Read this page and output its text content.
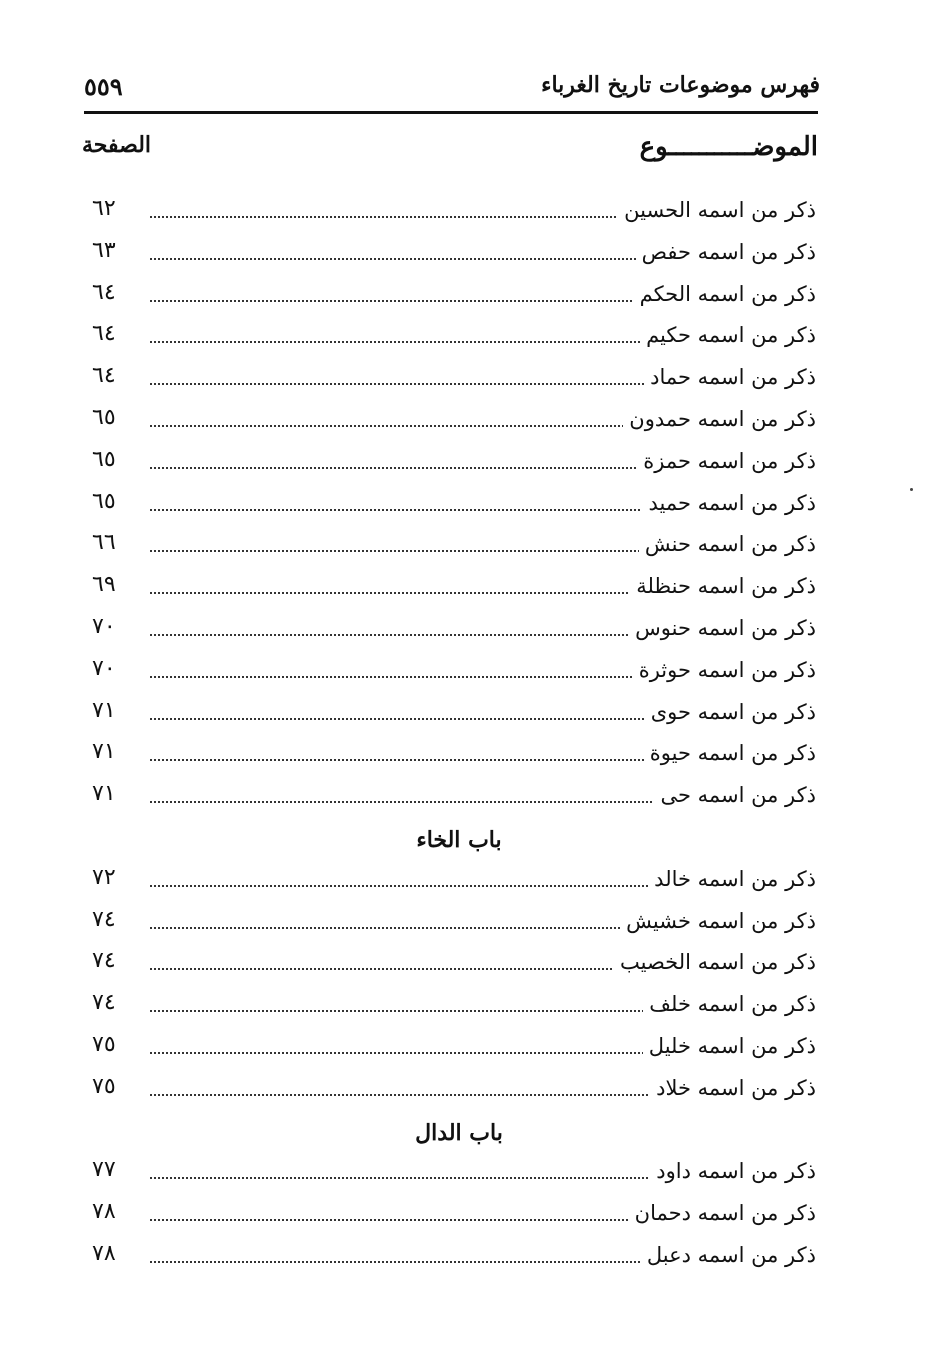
فهرس موضوعات تاريخ الغرباء
٥٥٩
الموضـــــــــــوع
الصفحة
ذكر من اسمه الحسين
٦٢
ذكر من اسمه حفص
٦٣
ذكر من اسمه الحكم
٦٤
ذكر من اسمه حكيم
٦٤
ذكر من اسمه حماد
٦٤
ذكر من اسمه حمدون
٦٥
ذكر من اسمه حمزة
٦٥
ذكر من اسمه حميد
٦٥
ذكر من اسمه حنش
٦٦
ذكر من اسمه حنظلة
٦٩
ذكر من اسمه حنوس
٧٠
ذكر من اسمه حوثرة
٧٠
ذكر من اسمه حوى
٧١
ذكر من اسمه حيوة
٧١
ذكر من اسمه حى
٧١
باب الخاء
ذكر من اسمه خالد
٧٢
ذكر من اسمه خشيش
٧٤
ذكر من اسمه الخصيب
٧٤
ذكر من اسمه خلف
٧٤
ذكر من اسمه خليل
٧٥
ذكر من اسمه خلاد
٧٥
باب الدال
ذكر من اسمه داود
٧٧
ذكر من اسمه دحمان
٧٨
ذكر من اسمه دعبل
٧٨
